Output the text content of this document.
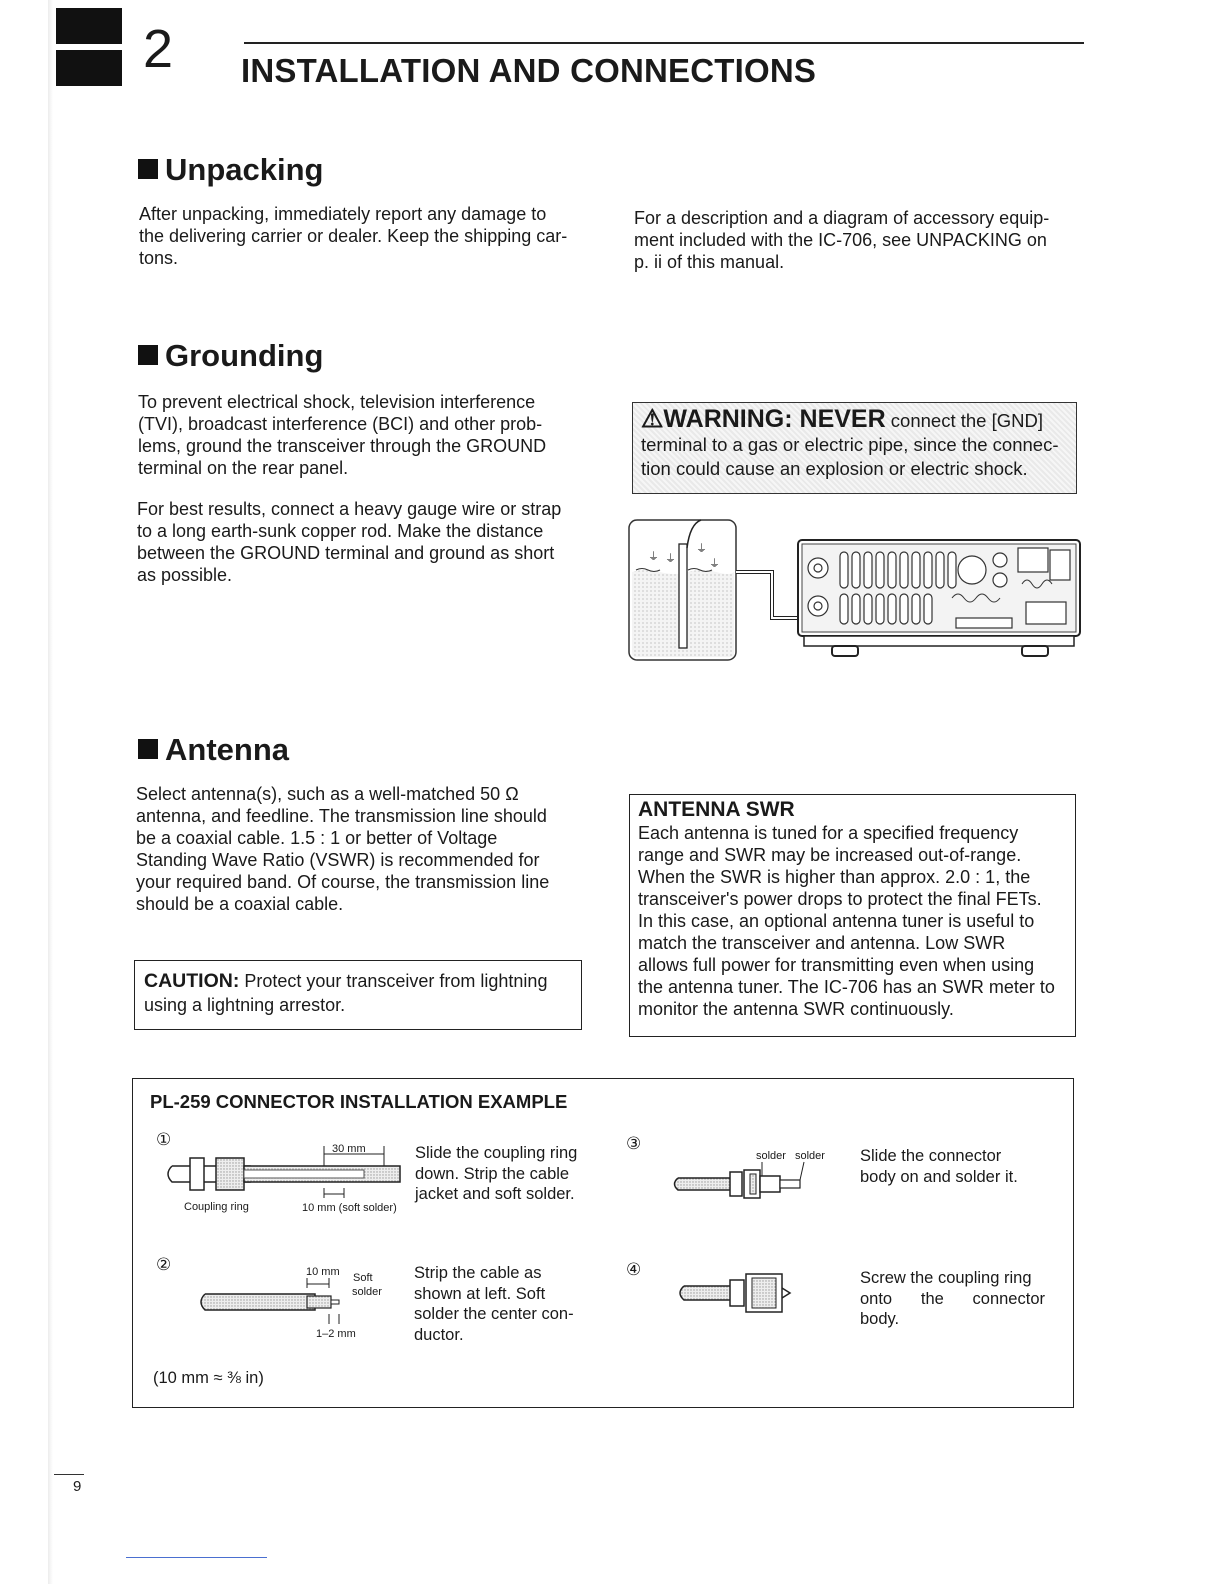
2 INSTALLATION AND CONNECTIONS
Unpacking
After unpacking, immediately report any damage to
the delivering carrier or dealer. Keep the shipping car-
tons.
For a description and a diagram of accessory equip-
ment included with the IC-706, see UNPACKING on
p. ii of this manual.
Grounding
To prevent electrical shock, television interference
(TVI), broadcast interference (BCI) and other prob-
lems, ground the transceiver through the GROUND
terminal on the rear panel.
For best results, connect a heavy gauge wire or strap
to a long earth-sunk copper rod. Make the distance
between the GROUND terminal and ground as short
as possible.
⚠WARNING: NEVER connect the [GND]
terminal to a gas or electric pipe, since the connec-
tion could cause an explosion or electric shock.
⏚ ⏚
⏚
⏚
Antenna
Select antenna(s), such as a well-matched 50 Ω
antenna, and feedline. The transmission line should
be a coaxial cable. 1.5 : 1 or better of Voltage
Standing Wave Ratio (VSWR) is recommended for
your required band. Of course, the transmission line
should be a coaxial cable.
CAUTION: Protect your transceiver from lightning
using a lightning arrestor.
ANTENNA SWR
Each antenna is tuned for a specified frequency
range and SWR may be increased out-of-range.
When the SWR is higher than approx. 2.0 : 1, the
transceiver's power drops to protect the final FETs.
In this case, an optional antenna tuner is useful to
match the transceiver and antenna. Low SWR
allows full power for transmitting even when using
the antenna tuner. The IC-706 has an SWR meter to
monitor the antenna SWR continuously.
PL-259 CONNECTOR INSTALLATION EXAMPLE
①	30 mm
Coupling ring	10 mm (soft solder)
Slide the coupling ring
down. Strip the cable
jacket and soft solder.
②	10 mm Soft
solder
1–2 mm
Strip the cable as
shown at left. Soft
solder the center con-
ductor.
③
solder solder Slide the connector
body on and solder it.
④	Screw the coupling ring
onto the connector
body.
(10 mm ≈ ⅜ in)
9
